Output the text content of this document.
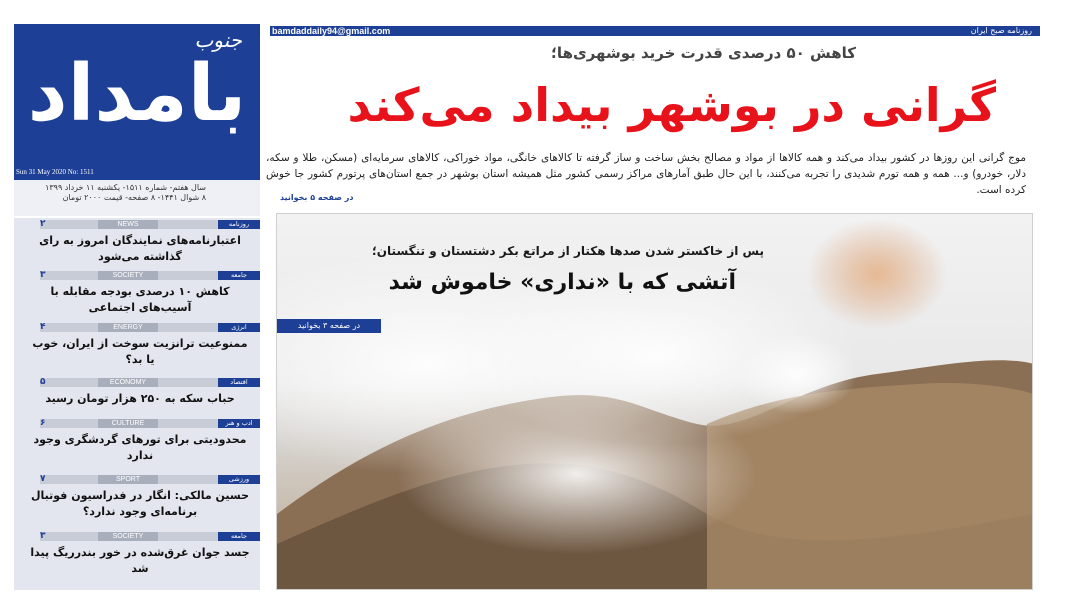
جنوب
بامداد
Sun 31 May 2020 No: 1511
سال هفتم- شماره ۱۵۱۱- یکشنبه ۱۱ خرداد ۱۳۹۹
۸ شوال ۱۴۴۱- ۸ صفحه- قیمت ۲۰۰۰ تومان
۲	NEWS	روزنامه
اعتبارنامه‌های نمایندگان امروز به رای گذاشته می‌شود
۳	SOCIETY	جامعه
کاهش ۱۰ درصدی بودجه مقابله با آسیب‌های اجتماعی
۴	ENERGY	انرژی
ممنوعیت ترانزیت سوخت از ایران، خوب یا بد؟
۵	ECONOMY	اقتصاد
حباب سکه به ۲۵۰ هزار تومان رسید
۶	CULTURE	ادب و هنر
محدودیتی برای تورهای گردشگری وجود ندارد
۷	SPORT	ورزشی
حسین مالکی: انگار در فدراسیون فوتبال برنامه‌ای وجود ندارد؟
۳	SOCIETY	جامعه
جسد جوان غرق‌شده در خور بندرریگ پیدا شد
bamdaddaily94@gmail.com	روزنامه صبح ایران
کاهش ۵۰ درصدی قدرت خرید بوشهری‌ها؛
گرانی در بوشهر بیداد می‌کند
موج گرانی این روزها در کشور بیداد می‌کند و همه کالاها از مواد و مصالح بخش ساخت و ساز گرفته تا کالاهای خانگی، مواد خوراکی، کالاهای سرمایه‌ای (مسکن، طلا و سکه، دلار، خودرو) و... همه و همه تورم شدیدی را تجربه می‌کنند، با این حال طبق آمارهای مراکز رسمی کشور مثل همیشه استان بوشهر در جمع استان‌های پرتورم کشور جا خوش کرده است.
در صفحه ۵ بخوانید
پس از خاکستر شدن صدها هکتار از مراتع بکر دشتستان و تنگستان؛
آتشی که با «نداری» خاموش شد
در صفحه ۳ بخوانید
